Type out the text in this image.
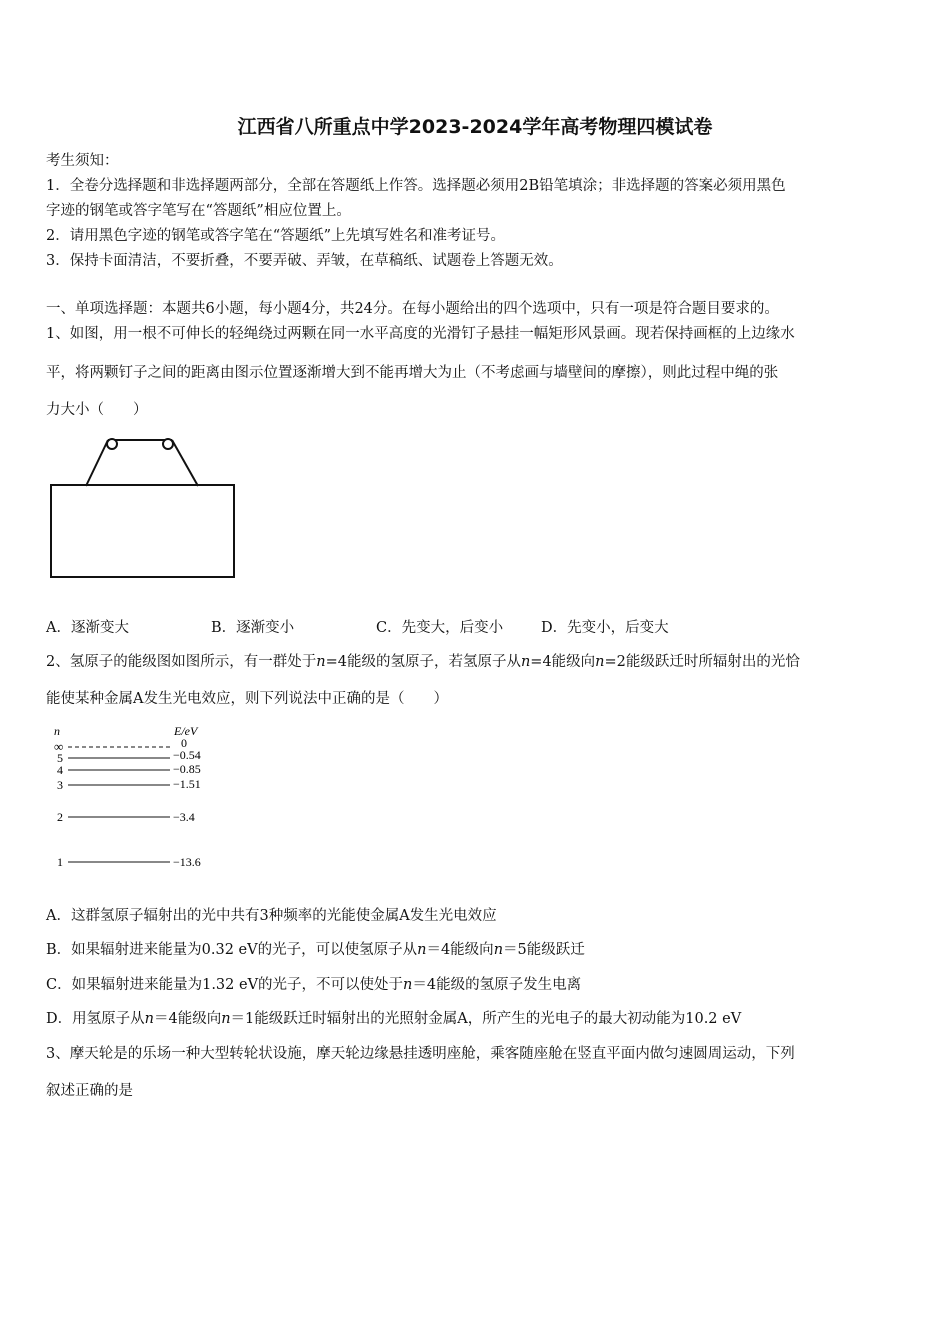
江西省八所重点中学2023-2024学年高考物理四模试卷
考生须知：
1．全卷分选择题和非选择题两部分，全部在答题纸上作答。选择题必须用2B铅笔填涂；非选择题的答案必须用黑色
字迹的钢笔或答字笔写在“答题纸”相应位置上。
2．请用黑色字迹的钢笔或答字笔在“答题纸”上先填写姓名和准考证号。
3．保持卡面清洁，不要折叠，不要弄破、弄皱，在草稿纸、试题卷上答题无效。
一、单项选择题：本题共6小题，每小题4分，共24分。在每小题给出的四个选项中，只有一项是符合题目要求的。
1、如图，用一根不可伸长的轻绳绕过两颗在同一水平高度的光滑钉子悬挂一幅矩形风景画。现若保持画框的上边缘水
平，将两颗钉子之间的距离由图示位置逐渐增大到不能再增大为止（不考虑画与墙壁间的摩擦），则此过程中绳的张
力大小（　　）
A．逐渐变大	B．逐渐变小	C．先变大，后变小	D．先变小，后变大
2、氢原子的能级图如图所示，有一群处于n=4能级的氢原子，若氢原子从n=4能级向n=2能级跃迁时所辐射出的光恰
能使某种金属A发生光电效应，则下列说法中正确的是（　　）
n	E/eV
∞
5
4
3
2
1
0
−0.54
−0.85
−1.51
−3.4
−13.6
A．这群氢原子辐射出的光中共有3种频率的光能使金属A发生光电效应
B．如果辐射进来能量为0.32 eV的光子，可以使氢原子从n＝4能级向n＝5能级跃迁
C．如果辐射进来能量为1.32 eV的光子，不可以使处于n＝4能级的氢原子发生电离
D．用氢原子从n＝4能级向n＝1能级跃迁时辐射出的光照射金属A，所产生的光电子的最大初动能为10.2 eV
3、摩天轮是的乐场一种大型转轮状设施，摩天轮边缘悬挂透明座舱，乘客随座舱在竖直平面内做匀速圆周运动，下列
叙述正确的是
